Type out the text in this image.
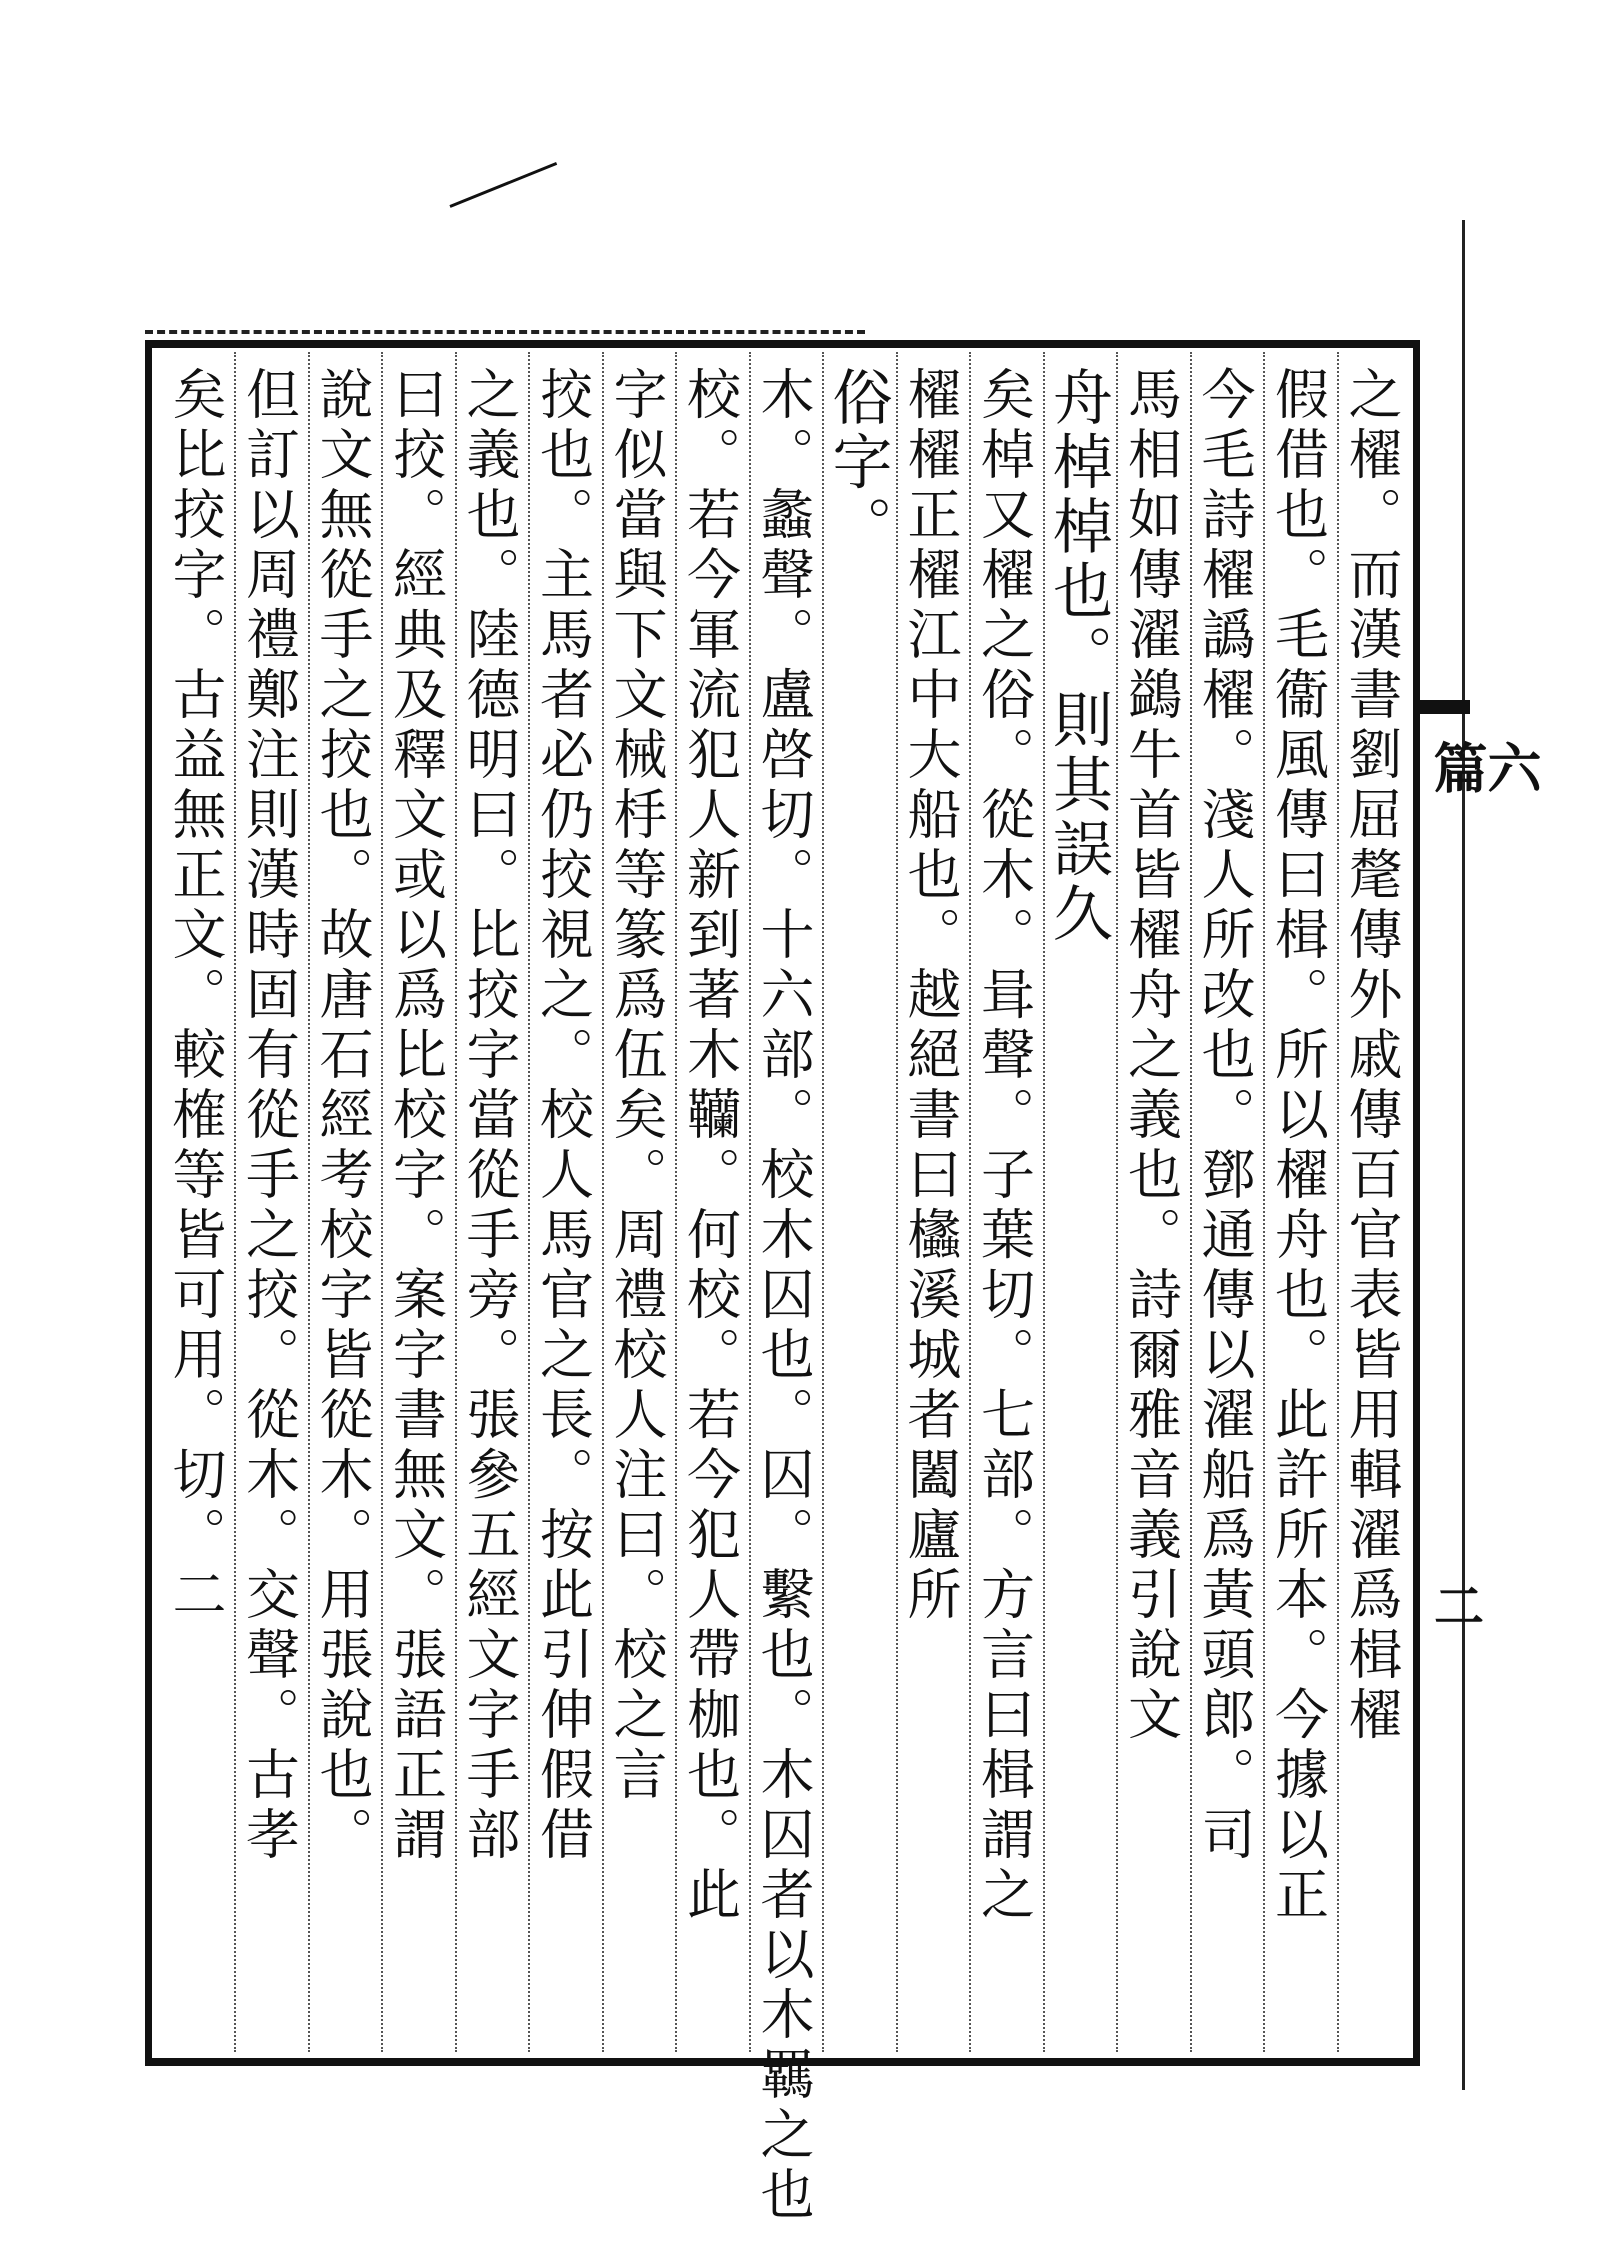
六篇
二
之櫂。而漢書劉屈氂傳外戚傳百官表皆用輯濯爲楫櫂
假借也。毛衞風傳曰楫。所以櫂舟也。此許所本。今據以正
今毛詩櫂譌櫂。淺人所改也。鄧通傳以濯船爲黃頭郎。司
馬相如傳濯鷁牛首皆櫂舟之義也。詩爾雅音義引說文
舟棹棹也。則其誤久
矣棹又櫂之俗。從木。咠聲。子葉切。七部。方言曰楫謂之
櫂櫂正櫂江中大船也。越絕書曰欚溪城者闔廬所
俗字。
木。蠡聲。盧啓切。十六部。校木囚也。囚。繫也。木囚者以木羈之也
校。若今軍流犯人新到著木韊。何校。若今犯人帶枷也。此
字似當與下文械杽等篆爲伍矣。周禮校人注曰。校之言
挍也。主馬者必仍挍視之。校人馬官之長。按此引伸假借
之義也。陸德明曰。比挍字當從手旁。張參五經文字手部
曰挍。經典及釋文或以爲比校字。案字書無文。張語正謂
說文無從手之挍也。故唐石經考校字皆從木。用張說也。
但訂以周禮鄭注則漢時固有從手之挍。從木。交聲。古孝
矣比挍字。古益無正文。較榷等皆可用。切。二
